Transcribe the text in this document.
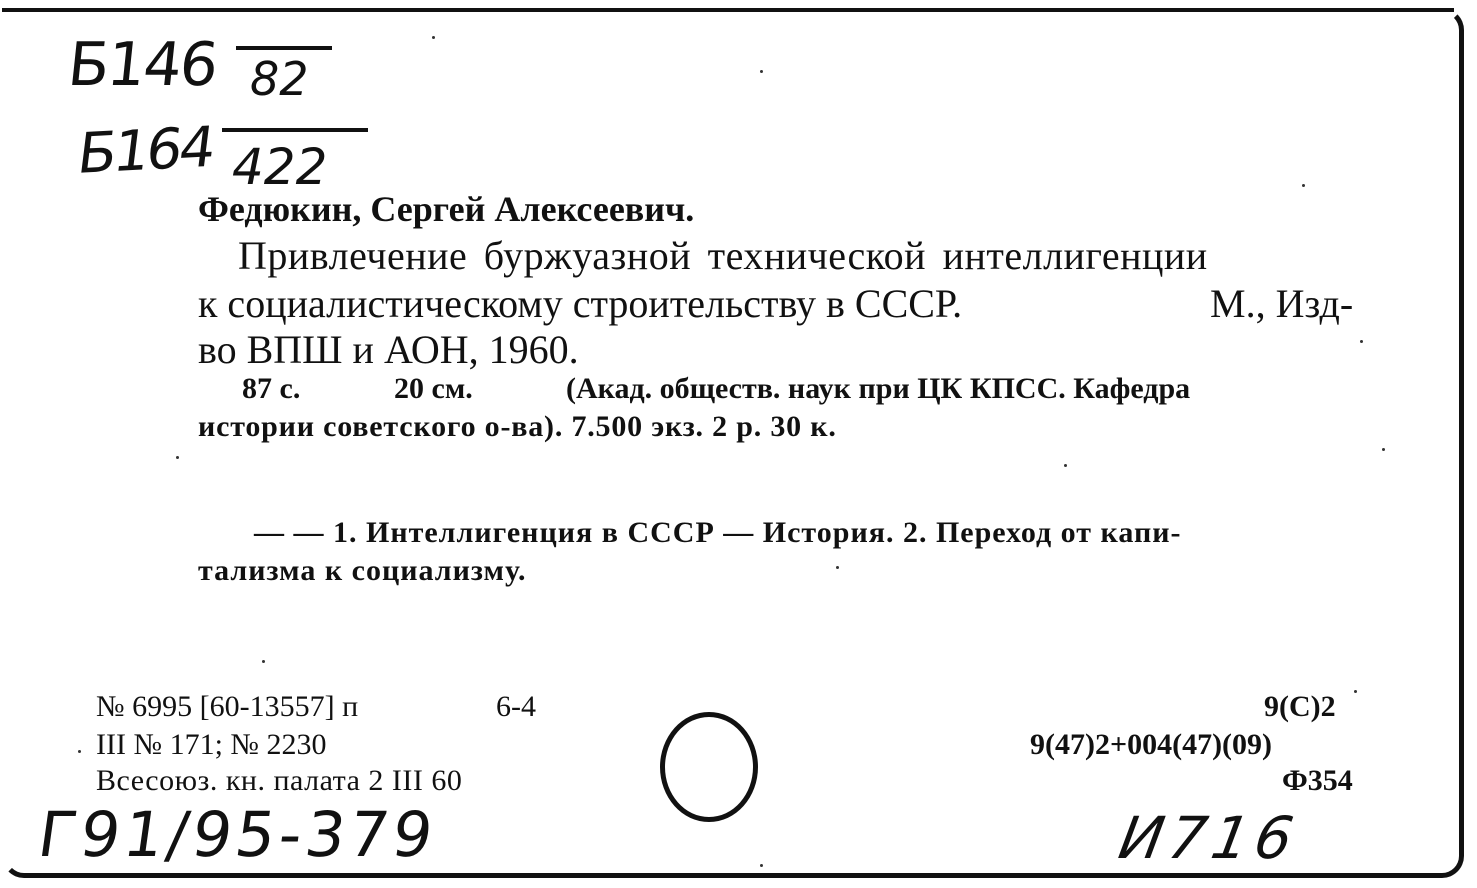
Б146 82
Б164 422
Федюкин, Сергей Алексеевич.
Привлечение буржуазной технической интеллигенции
к социалистическому строительству в СССР.	М., Изд-
во ВПШ и АОН, 1960.
87 с.	20 см.	(Акад. обществ. наук при ЦК КПСС. Кафедра
истории советского о-ва). 7.500 экз. 2 р. 30 к.
— — 1. Интеллигенция в СССР — История. 2. Переход от капи-
тализма к социализму.
№ 6995 [60-13557] п	6-4
III № 171; № 2230
Всесоюз. кн. палата 2 III 60
9(С)2
9(47)2+004(47)(09)
Ф354
Г91/95-379	И716
